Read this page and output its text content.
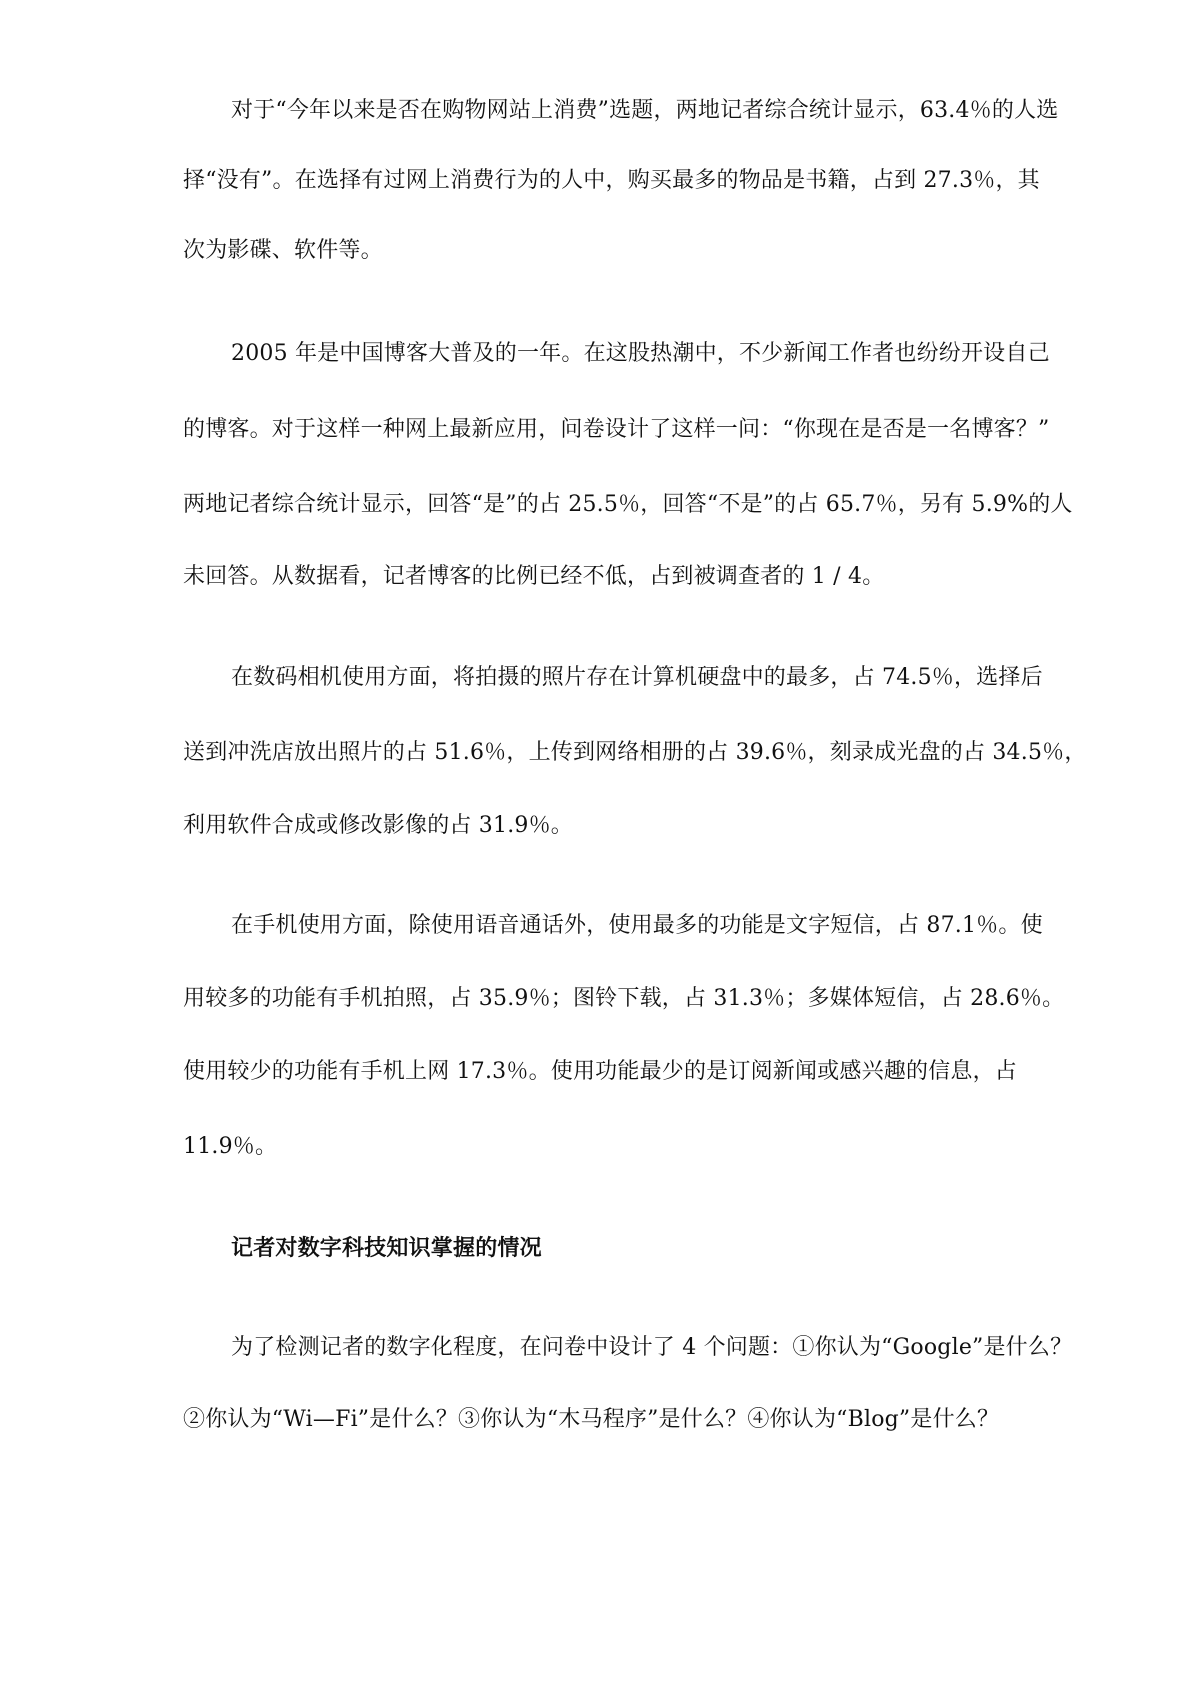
对于“今年以来是否在购物网站上消费”选题，两地记者综合统计显示，63.4％的人选
择“没有”。在选择有过网上消费行为的人中，购买最多的物品是书籍，占到 27.3％，其
次为影碟、软件等。
2005 年是中国博客大普及的一年。在这股热潮中，不少新闻工作者也纷纷开设自己
的博客。对于这样一种网上最新应用，问卷设计了这样一问：“你现在是否是一名博客？”
两地记者综合统计显示，回答“是”的占 25.5％，回答“不是”的占 65.7％，另有 5.9%的人
未回答。从数据看，记者博客的比例已经不低，占到被调查者的 1 / 4。
在数码相机使用方面，将拍摄的照片存在计算机硬盘中的最多，占 74.5％，选择后
送到冲洗店放出照片的占 51.6％，上传到网络相册的占 39.6％，刻录成光盘的占 34.5％，
利用软件合成或修改影像的占 31.9％。
在手机使用方面，除使用语音通话外，使用最多的功能是文字短信，占 87.1％。使
用较多的功能有手机拍照，占 35.9％；图铃下载，占 31.3％；多媒体短信，占 28.6％。
使用较少的功能有手机上网 17.3％。使用功能最少的是订阅新闻或感兴趣的信息，占
11.9％。
记者对数字科技知识掌握的情况
为了检测记者的数字化程度，在问卷中设计了 4 个问题：①你认为“Google”是什么？
②你认为“Wi—Fi”是什么？③你认为“木马程序”是什么？④你认为“Blog”是什么？
